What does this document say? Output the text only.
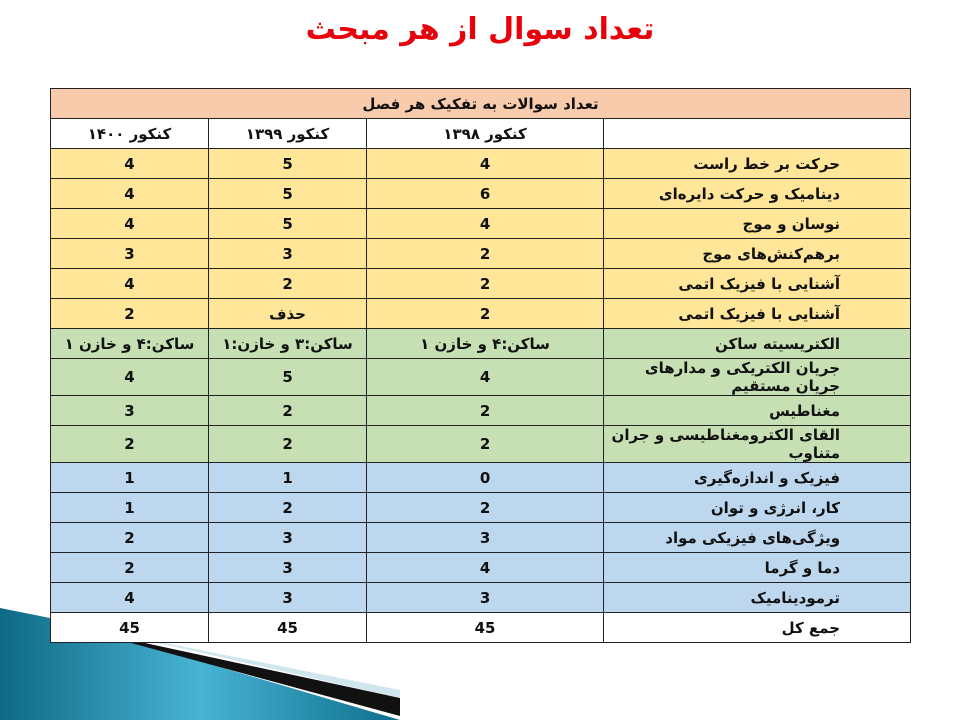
تعداد سوال از هر مبحث
تعداد سوالات به تفکیک هر فصل			
	کنکور ۱۳۹۸	کنکور ۱۳۹۹	کنکور ۱۴۰۰
حرکت بر خط راست	4	5	4
دینامیک و حرکت دایره‌ای	6	5	4
نوسان و موج	4	5	4
برهم‌کنش‌های موج	2	3	3
آشنایی با فیزیک اتمی	2	2	4
آشنایی با فیزیک اتمی	2	حذف	2
الکتریسیته ساکن	ساکن:۴ و خازن ۱	ساکن:۳ و خازن:۱	ساکن:۴ و خازن ۱
جریان الکتریکی و مدارهای جریان مستقیم	4	5	4
مغناطیس	2	2	3
القای الکترومغناطیسی و جران متناوب	2	2	2
فیزیک و اندازه‌گیری	0	1	1
کار، انرژی و توان	2	2	1
ویژگی‌های فیزیکی مواد	3	3	2
دما و گرما	4	3	2
ترمودینامیک	3	3	4
جمع کل	45	45	45
